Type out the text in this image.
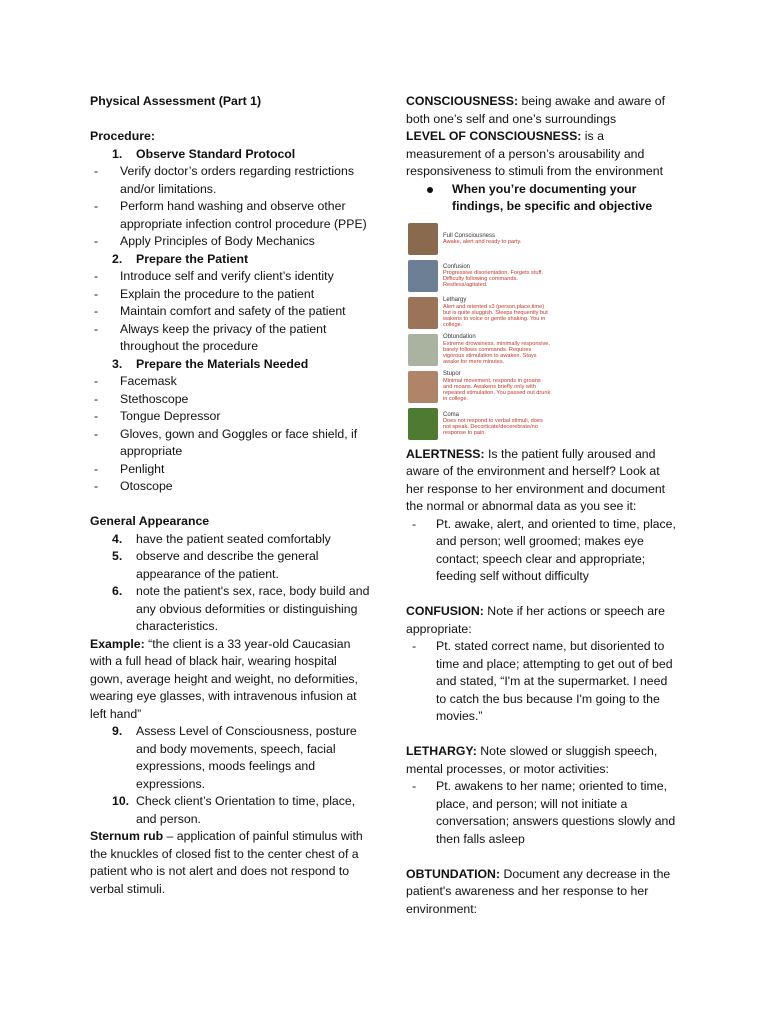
Physical Assessment (Part 1)

Procedure:
1. Observe Standard Protocol
- Verify doctor’s orders regarding restrictions and/or limitations.
- Perform hand washing and observe other appropriate infection control procedure (PPE)
- Apply Principles of Body Mechanics
2. Prepare the Patient
- Introduce self and verify client’s identity
- Explain the procedure to the patient
- Maintain comfort and safety of the patient
- Always keep the privacy of the patient throughout the procedure
3. Prepare the Materials Needed
- Facemask
- Stethoscope
- Tongue Depressor
- Gloves, gown and Goggles or face shield, if appropriate
- Penlight
- Otoscope
General Appearance
4. have the patient seated comfortably
5. observe and describe the general appearance of the patient.
6. note the patient's sex, race, body build and any obvious deformities or distinguishing characteristics.
Example: “the client is a 33 year-old Caucasian with a full head of black hair, wearing hospital gown, average height and weight, no deformities, wearing eye glasses, with intravenous infusion at left hand”
9. Assess Level of Consciousness, posture and body movements, speech, facial expressions, moods feelings and expressions.
10. Check client’s Orientation to time, place, and person.
Sternum rub – application of painful stimulus with the knuckles of closed fist to the center chest of a patient who is not alert and does not respond to verbal stimuli.
CONSCIOUSNESS: being awake and aware of both one’s self and one’s surroundings
LEVEL OF CONSCIOUSNESS: is a measurement of a person’s arousability and responsiveness to stimuli from the environment
When you’re documenting your findings, be specific and objective
Full Consciousness
Awake, alert and ready to party.
Confusion
Progressive disorientation. Forgets stuff. Difficulty following commands. Restless/agitated.
Lethargy
Alert and oriented x3 (person,place,time) but is quite sluggish. Sleeps frequently but wakens to voice or gentle shaking. You in college.
Obtundation
Extreme drowsiness, minimally responsive, barely follows commands. Requires vigorous stimulation to awaken. Stays awake for mere minutes.
Stupor
Minimal movement, responds in groans and moans. Awakens briefly only with repeated stimulation. You passed out drunk in college.
Coma
Does not respond to verbal stimuli, does not speak. Decorticate/decerebrate/no response to pain.
ALERTNESS: Is the patient fully aroused and aware of the environment and herself? Look at her response to her environment and document the normal or abnormal data as you see it:
- Pt. awake, alert, and oriented to time, place, and person; well groomed; makes eye contact; speech clear and appropriate; feeding self without difficulty
CONFUSION: Note if her actions or speech are appropriate:
- Pt. stated correct name, but disoriented to time and place; attempting to get out of bed and stated, “I'm at the supermarket. I need to catch the bus because I'm going to the movies.”
LETHARGY: Note slowed or sluggish speech, mental processes, or motor activities:
- Pt. awakens to her name; oriented to time, place, and person; will not initiate a conversation; answers questions slowly and then falls asleep
OBTUNDATION: Document any decrease in the patient's awareness and her response to her environment:
